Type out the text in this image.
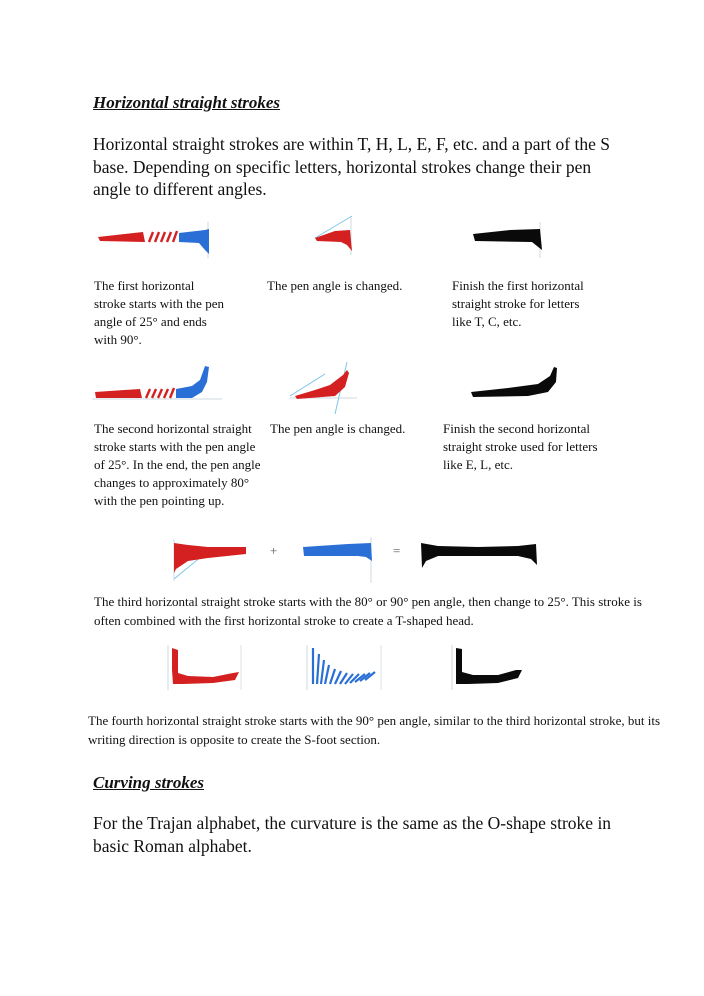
Horizontal straight strokes
Horizontal straight strokes are within T, H, L, E, F, etc. and a part of the S base. Depending on specific letters, horizontal strokes change their pen angle to different angles.
The first horizontal stroke starts with the pen angle of 25° and ends with 90°.
The pen angle is changed.	Finish the first horizontal straight stroke for letters like T, C, etc.
The second horizontal straight stroke starts with the pen angle of 25°. In the end, the pen angle changes to approximately 80° with the pen pointing up.
The pen angle is changed.	Finish the second horizontal straight stroke used for letters like E, L, etc.
+	=
The third horizontal straight stroke starts with the 80° or 90° pen angle, then change to 25°. This stroke is often combined with the first horizontal stroke to create a T-shaped head.
The fourth horizontal straight stroke starts with the 90° pen angle, similar to the third horizontal stroke, but its writing direction is opposite to create the S-foot section.
Curving strokes
For the Trajan alphabet, the curvature is the same as the O-shape stroke in basic Roman alphabet.
